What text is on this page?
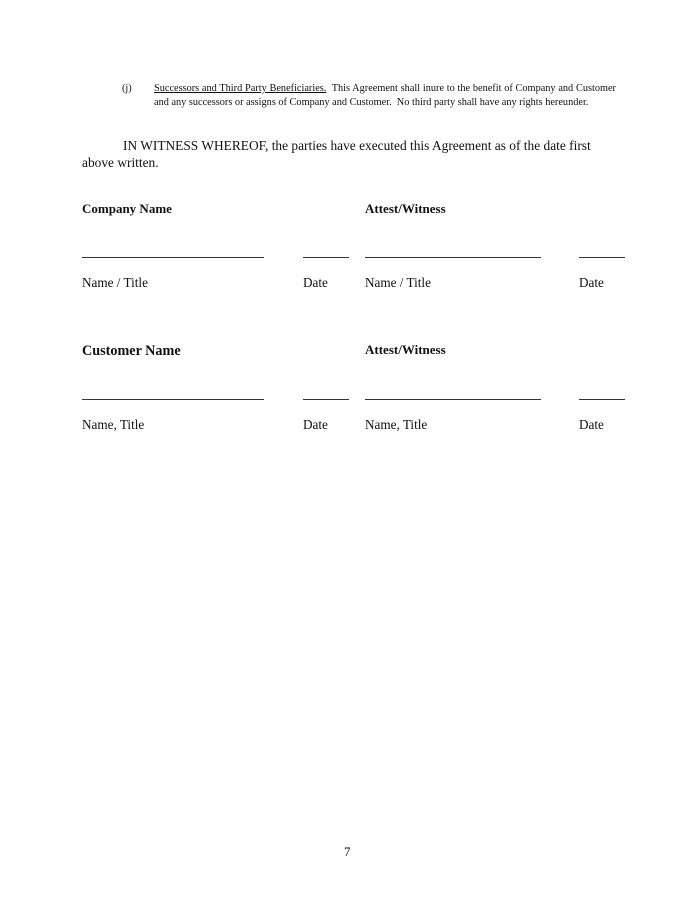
(j) Successors and Third Party Beneficiaries.  This Agreement shall inure to the benefit of Company and Customer and any successors or assigns of Company and Customer.  No third party shall have any rights hereunder.
IN WITNESS WHEREOF, the parties have executed this Agreement as of the date first above written.
Company Name	Attest/Witness
Name / Title	Date	Name / Title	Date
Customer Name	Attest/Witness
Name, Title	Date	Name, Title	Date
7
